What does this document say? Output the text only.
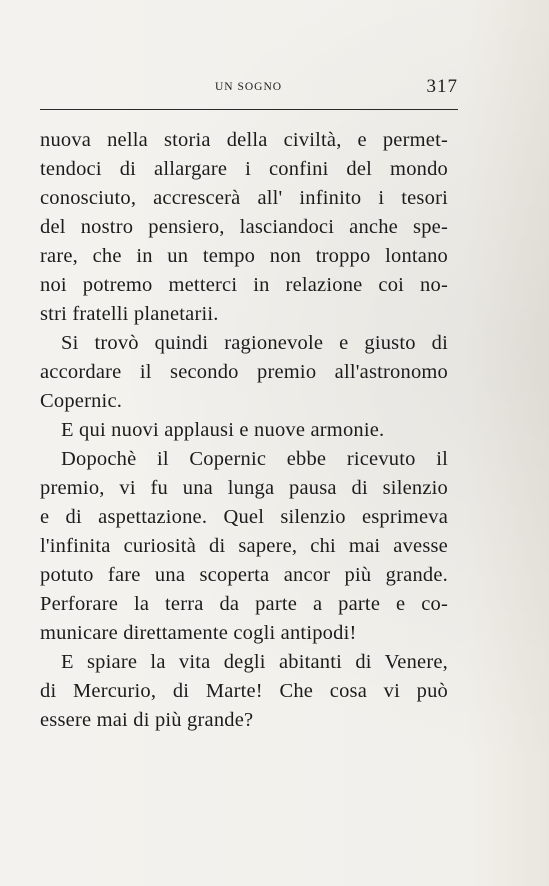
UN SOGNO	317

nuova nella storia della civiltà, e permet-
tendoci di allargare i confini del mondo
conosciuto, accrescerà all' infinito i tesori
del nostro pensiero, lasciandoci anche spe-
rare, che in un tempo non troppo lontano
noi potremo metterci in relazione coi no-
stri fratelli planetarii.

Si trovò quindi ragionevole e giusto di
accordare il secondo premio all'astronomo
Copernic.

E qui nuovi applausi e nuove armonie.

Dopochè il Copernic ebbe ricevuto il
premio, vi fu una lunga pausa di silenzio
e di aspettazione. Quel silenzio esprimeva
l'infinita curiosità di sapere, chi mai avesse
potuto fare una scoperta ancor più grande.
Perforare la terra da parte a parte e co-
municare direttamente cogli antipodi!

E spiare la vita degli abitanti di Venere,
di Mercurio, di Marte! Che cosa vi può
essere mai di più grande?
